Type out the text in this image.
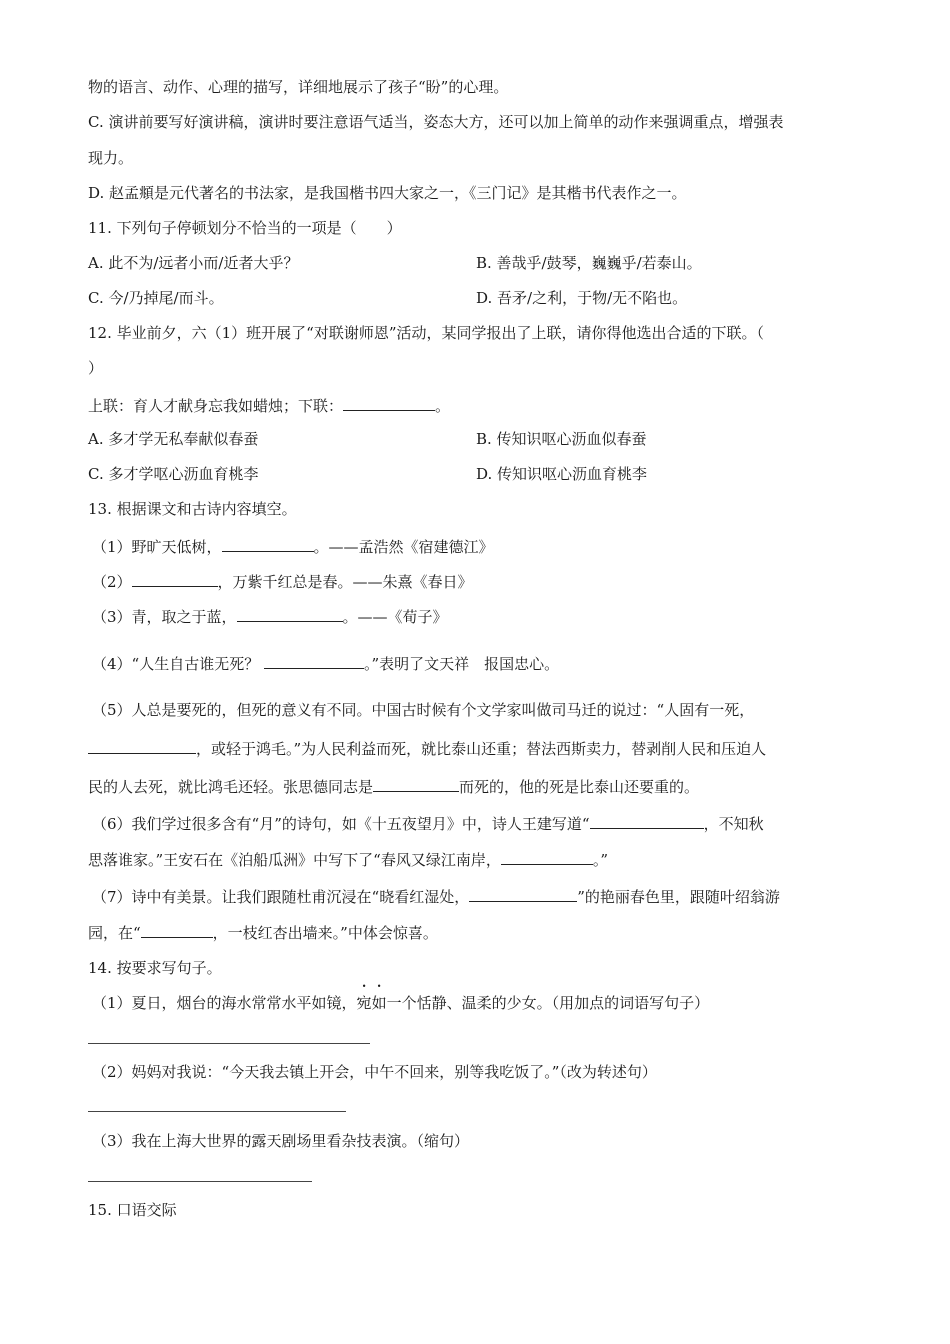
物的语言、动作、心理的描写，详细地展示了孩子“盼”的心理。
C. 演讲前要写好演讲稿，演讲时要注意语气适当，姿态大方，还可以加上简单的动作来强调重点，增强表
现力。
D. 赵孟頫是元代著名的书法家，是我国楷书四大家之一，《三门记》是其楷书代表作之一。
11. 下列句子停顿划分不恰当的一项是（　　）
A. 此不为/远者小而/近者大乎？	B. 善哉乎/鼓琴，巍巍乎/若泰山。
C. 今/乃掉尾/而斗。	D. 吾矛/之利，于物/无不陷也。
12. 毕业前夕，六（1）班开展了“对联谢师恩”活动，某同学报出了上联，请你得他选出合适的下联。（
）
上联：育人才献身忘我如蜡烛；下联：	。
A. 多才学无私奉献似春蚕	B. 传知识呕心沥血似春蚕
C. 多才学呕心沥血育桃李	D. 传知识呕心沥血育桃李
13. 根据课文和古诗内容填空。
（1）野旷天低树，	。——孟浩然《宿建德江》
（2）	，万紫千红总是春。——朱熹《春日》
（3）青，取之于蓝，	。——《荀子》
（4）“人生自古谁无死？	。”表明了文天祥　报国忠心。
（5）人总是要死的，但死的意义有不同。中国古时候有个文学家叫做司马迁的说过：“人固有一死，
，或轻于鸿毛。”为人民利益而死，就比泰山还重；替法西斯卖力，替剥削人民和压迫人
民的人去死，就比鸿毛还轻。张思德同志是	而死的，他的死是比泰山还要重的。
（6）我们学过很多含有“月”的诗句，如《十五夜望月》中，诗人王建写道“	，不知秋
思落谁家。”王安石在《泊船瓜洲》中写下了“春风又绿江南岸，	。”
（7）诗中有美景。让我们跟随杜甫沉浸在“晓看红湿处，	”的艳丽春色里，跟随叶绍翁游
园，在“	，一枝红杏出墙来。”中体会惊喜。
14. 按要求写句子。
（1）夏日，烟台的海水常常水平如镜，宛如一个恬静、温柔的少女。（用加点的词语写句子）
（2）妈妈对我说：“今天我去镇上开会，中午不回来，别等我吃饭了。”（改为转述句）
（3）我在上海大世界的露天剧场里看杂技表演。（缩句）
15. 口语交际
